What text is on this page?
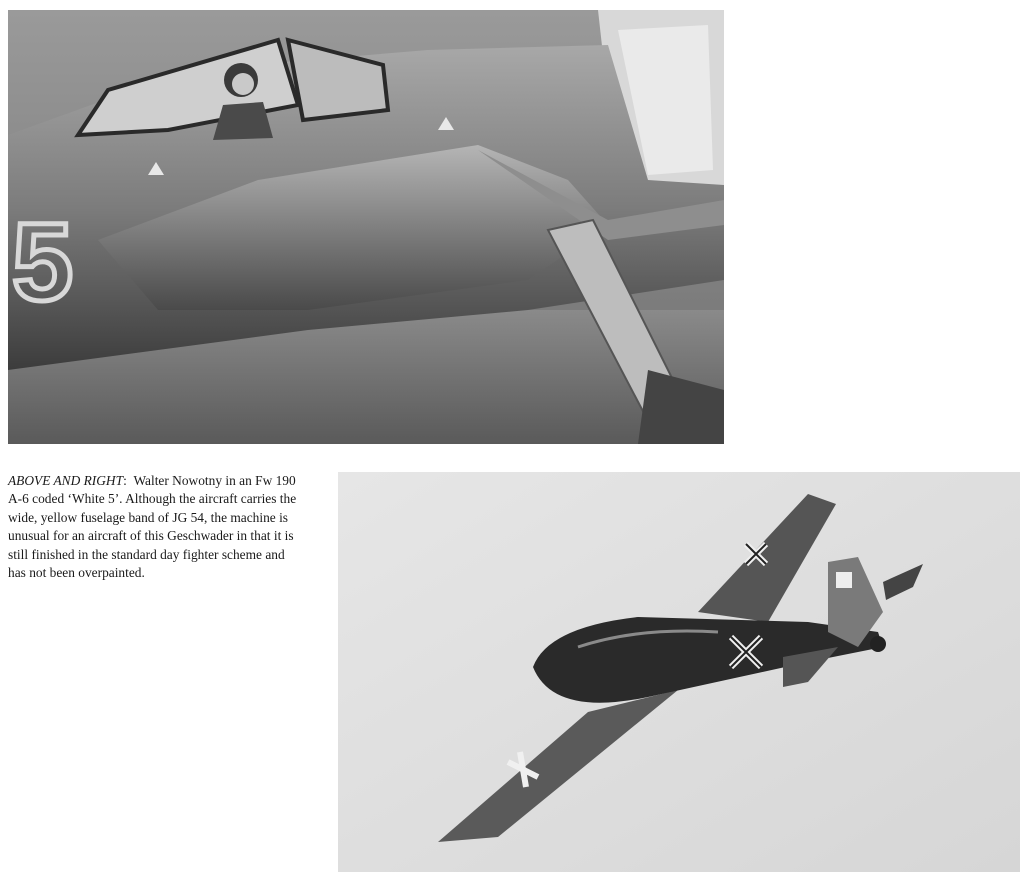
5
ABOVE AND RIGHT:  Walter Nowotny in an Fw 190 A-6 coded ‘White 5’. Although the aircraft carries the wide, yellow fuselage band of JG 54, the machine is unusual for an aircraft of this Geschwader in that it is still finished in the standard day fighter scheme and has not been overpainted.
